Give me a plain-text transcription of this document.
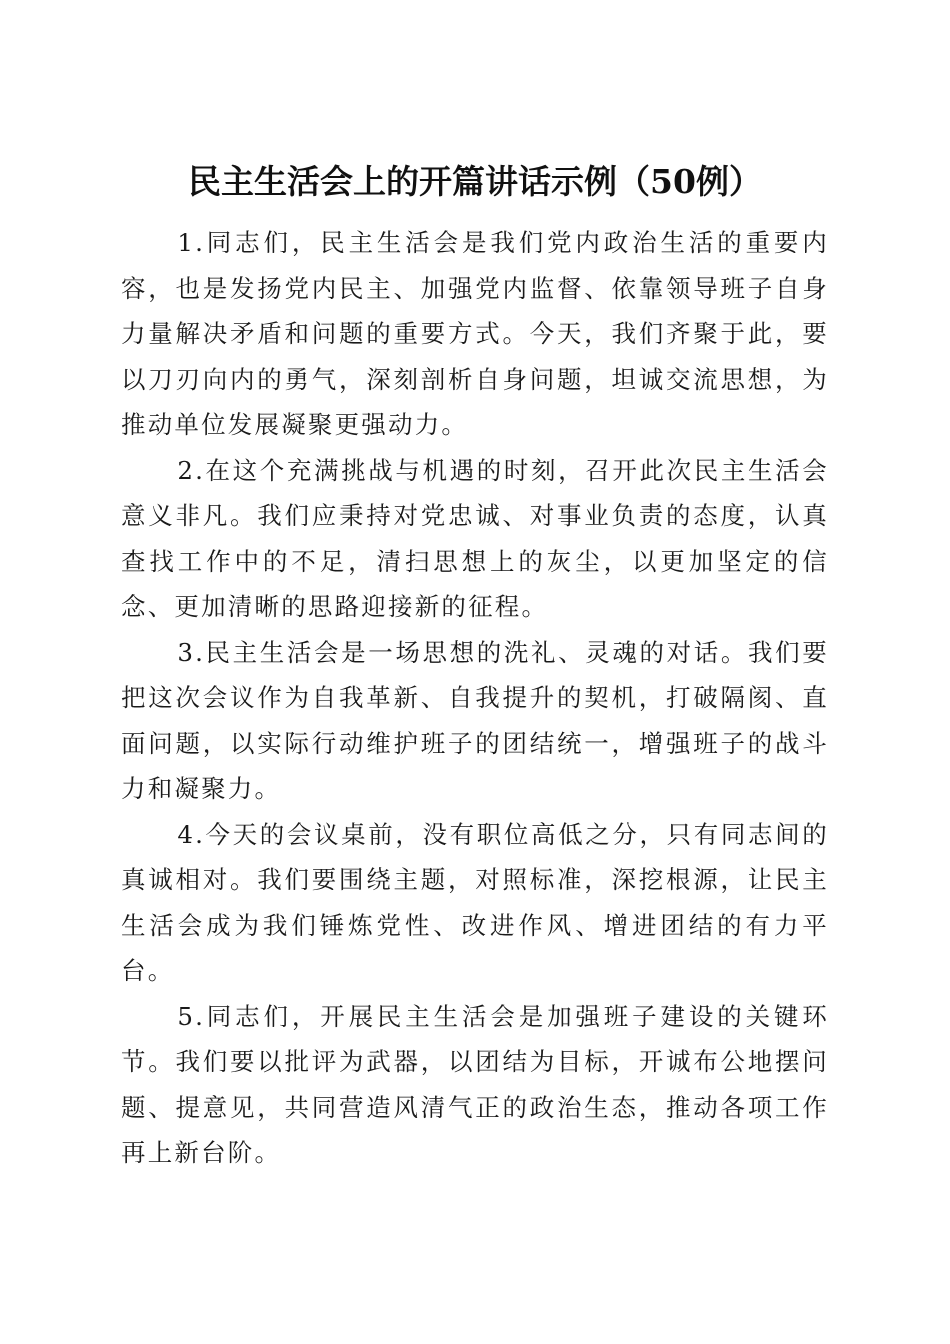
民主生活会上的开篇讲话示例（50例）

1.同志们，民主生活会是我们党内政治生活的重要内容，也是发扬党内民主、加强党内监督、依靠领导班子自身力量解决矛盾和问题的重要方式。今天，我们齐聚于此，要以刀刃向内的勇气，深刻剖析自身问题，坦诚交流思想，为推动单位发展凝聚更强动力。

2.在这个充满挑战与机遇的时刻，召开此次民主生活会意义非凡。我们应秉持对党忠诚、对事业负责的态度，认真查找工作中的不足，清扫思想上的灰尘，以更加坚定的信念、更加清晰的思路迎接新的征程。

3.民主生活会是一场思想的洗礼、灵魂的对话。我们要把这次会议作为自我革新、自我提升的契机，打破隔阂、直面问题，以实际行动维护班子的团结统一，增强班子的战斗力和凝聚力。

4.今天的会议桌前，没有职位高低之分，只有同志间的真诚相对。我们要围绕主题，对照标准，深挖根源，让民主生活会成为我们锤炼党性、改进作风、增进团结的有力平台。

5.同志们，开展民主生活会是加强班子建设的关键环节。我们要以批评为武器，以团结为目标，开诚布公地摆问题、提意见，共同营造风清气正的政治生态，推动各项工作再上新台阶。
